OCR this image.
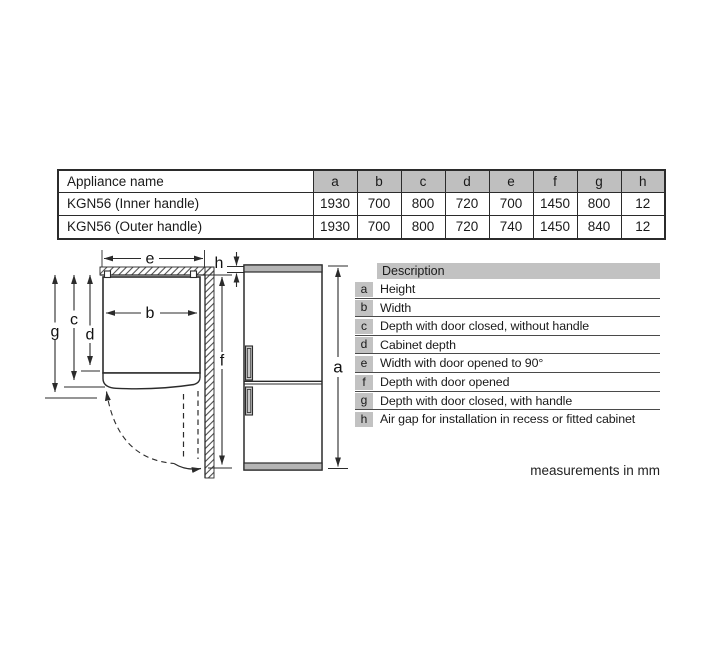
Appliance name	a	b	c	d	e	f	g	h
KGN56 (Inner handle)	1930	700	800	720	700	1450	800	12
KGN56 (Outer handle)	1930	700	800	720	740	1450	840	12
e	h
b
g
c
d
f	a
Description
a	Height
b	Width
c	Depth with door closed, without handle
d	Cabinet depth
e	Width with door opened to 90°
f	Depth with door opened
g	Depth with door closed, with handle
h	Air gap for installation in recess or fitted cabinet
measurements in mm
